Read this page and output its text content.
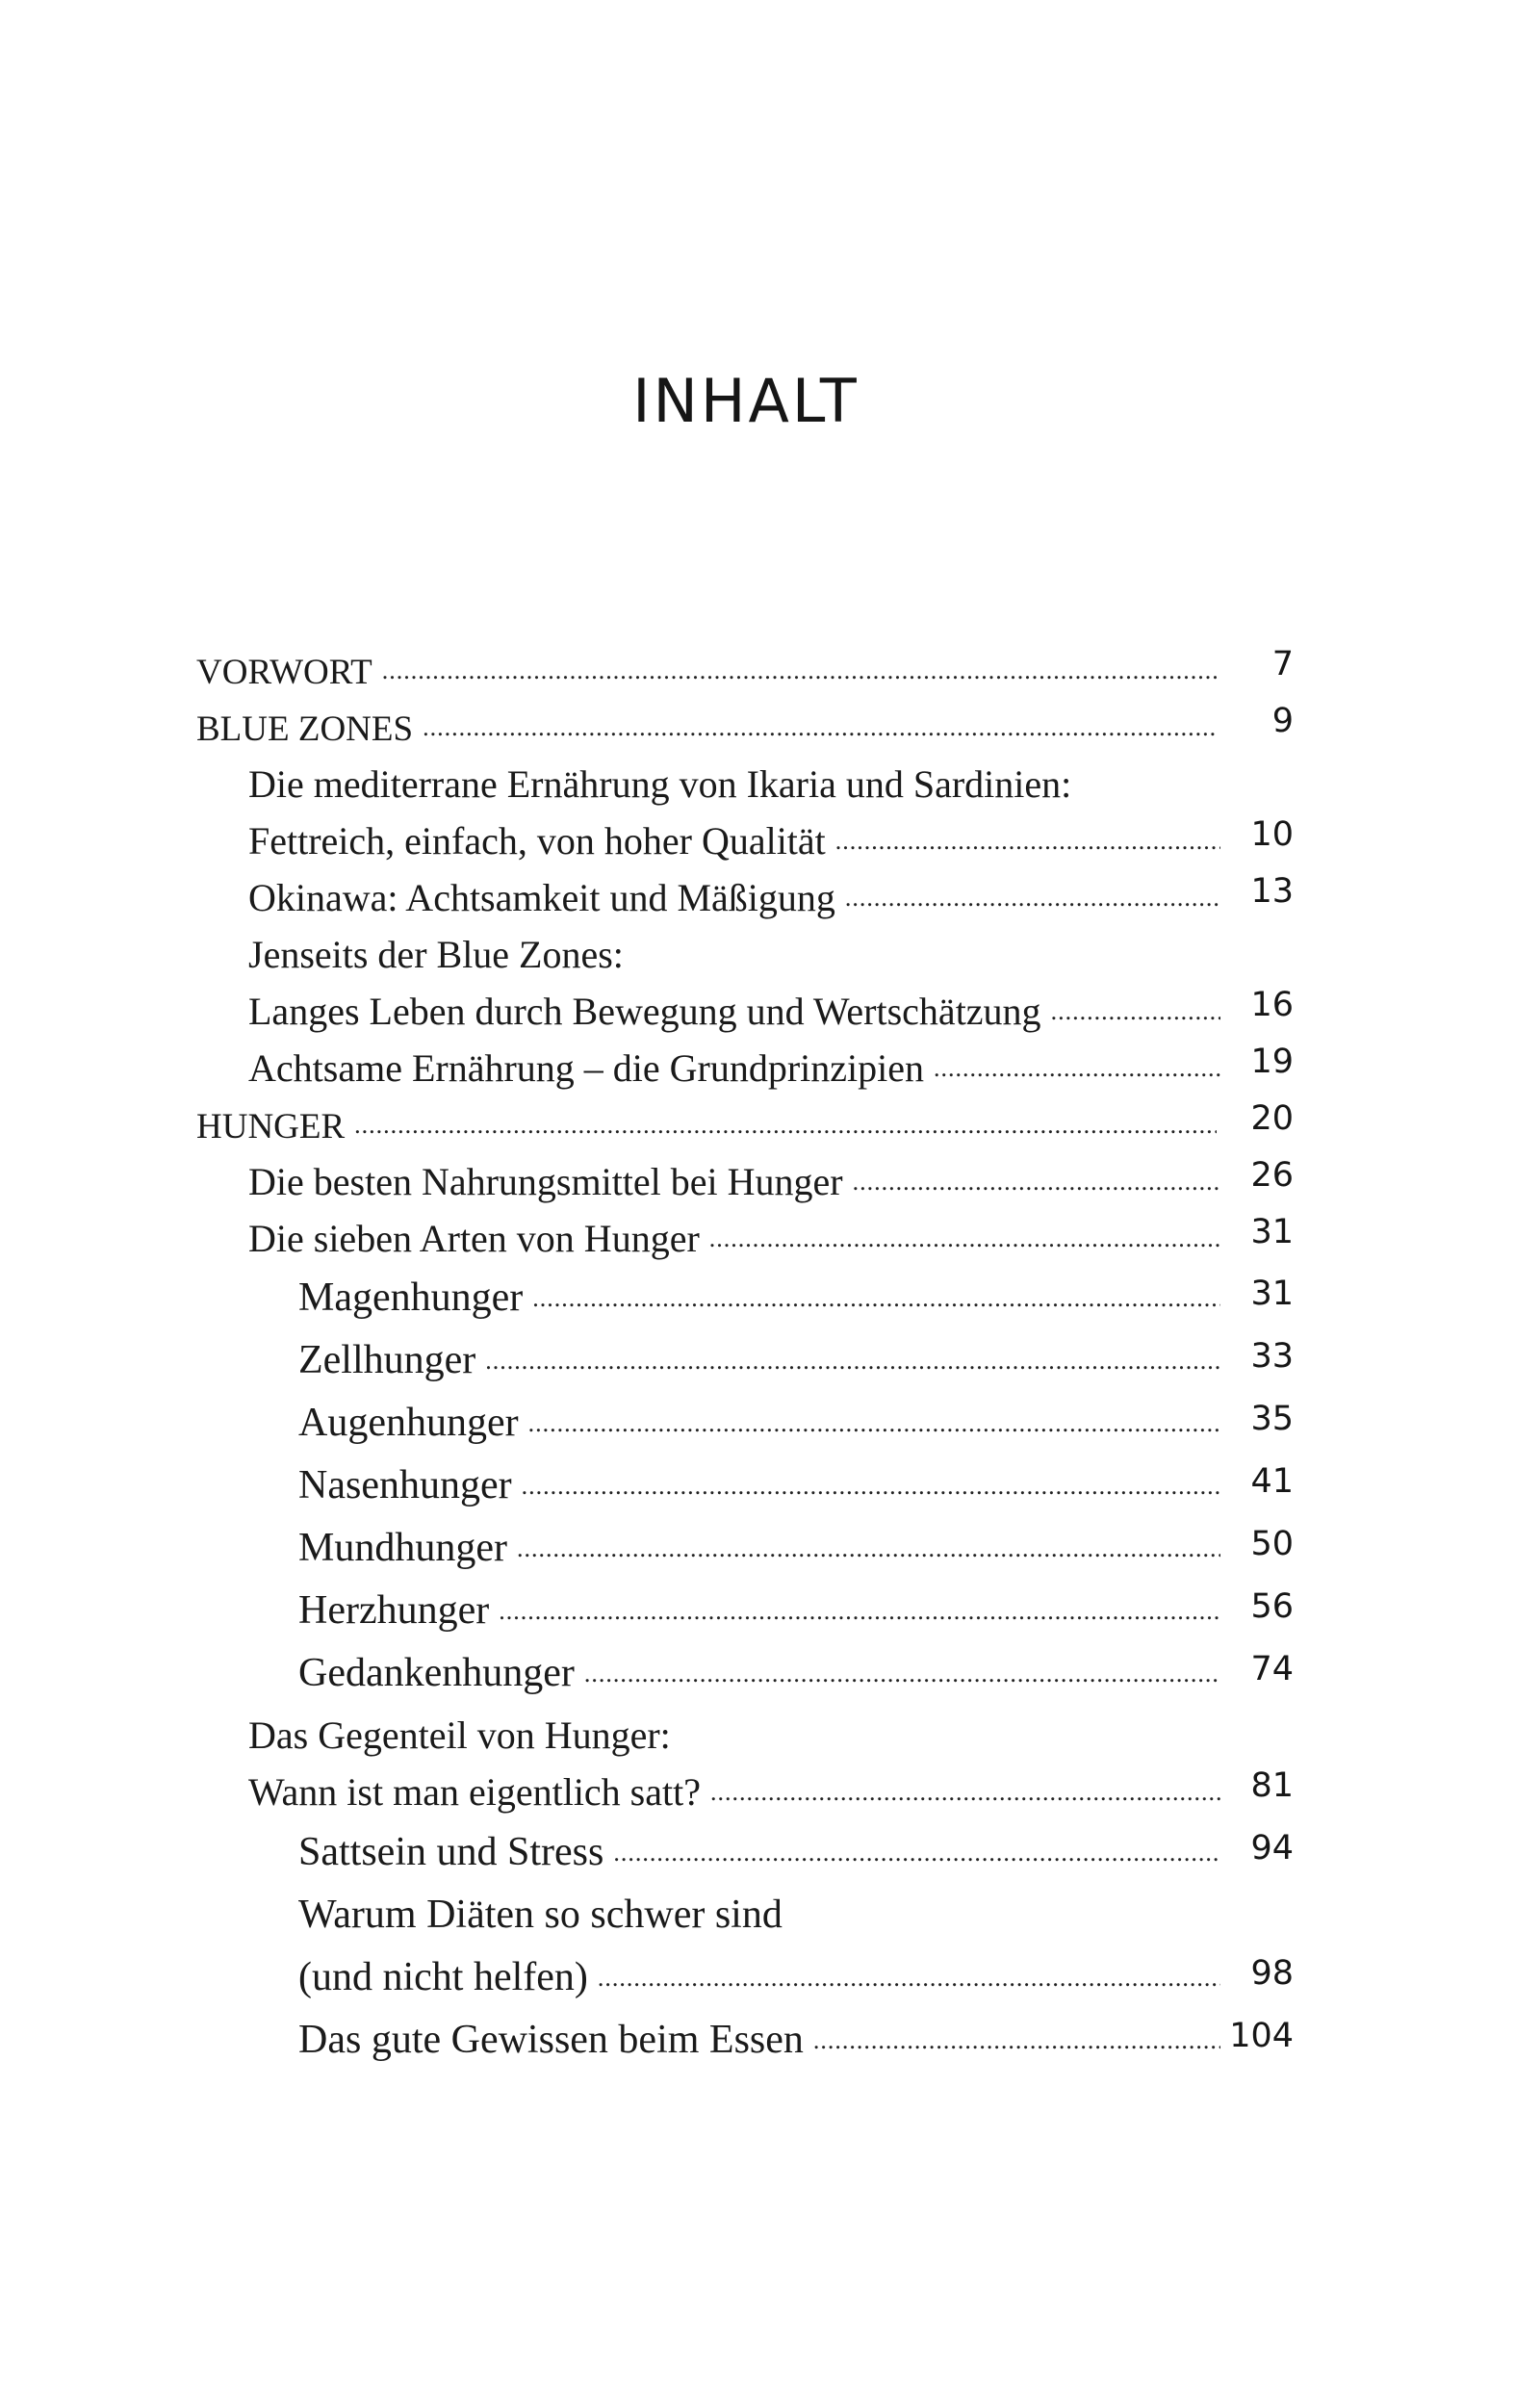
INHALT
VORWORT .....	7
BLUE ZONES .....	9
Die mediterrane Ernährung von Ikaria und Sardinien:
Fettreich, einfach, von hoher Qualität .....	10
Okinawa: Achtsamkeit und Mäßigung .....	13
Jenseits der Blue Zones:
Langes Leben durch Bewegung und Wertschätzung .....	16
Achtsame Ernährung – die Grundprinzipien .....	19
HUNGER .....	20
Die besten Nahrungsmittel bei Hunger .....	26
Die sieben Arten von Hunger .....	31
Magenhunger .....	31
Zellhunger .....	33
Augenhunger .....	35
Nasenhunger .....	41
Mundhunger .....	50
Herzhunger .....	56
Gedankenhunger .....	74
Das Gegenteil von Hunger:
Wann ist man eigentlich satt? .....	81
Sattsein und Stress .....	94
Warum Diäten so schwer sind
(und nicht helfen) .....	98
Das gute Gewissen beim Essen .....	104
